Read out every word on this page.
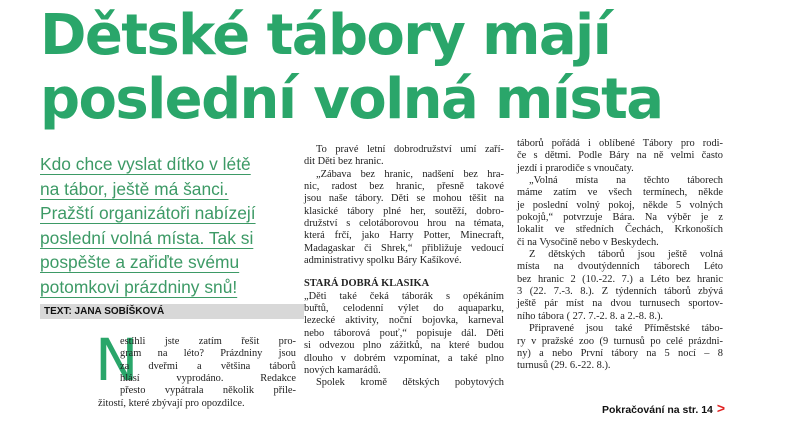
Dětské tábory mají
poslední volná místa
Kdo chce vyslat dítko v létě
na tábor, ještě má šanci.
Pražští organizátoři nabízejí
poslední volná místa. Tak si
pospěšte a zařiďte svému
potomkovi prázdniny snů!
TEXT: JANA SOBÍŠKOVÁ
N
estihli jste zatím řešit pro-
gram na léto? Prázdniny jsou
za dveřmi a většina táborů
hlásí vyprodáno. Redakce
přesto vypátrala několik přile-
žitostí, které zbývají pro opozdilce.
To pravé letní dobrodružství umí zaří-
dit Děti bez hranic.
„Zábava bez hranic, nadšení bez hra-
nic, radost bez hranic, přesně takové
jsou naše tábory. Děti se mohou těšit na
klasické tábory plné her, soutěží, dobro-
družství s celotáborovou hrou na témata,
která frčí, jako Harry Potter, Minecraft,
Madagaskar či Shrek,“ přibližuje vedoucí
administrativy spolku Báry Kašíkové.
STARÁ DOBRÁ KLASIKA
„Děti také čeká táborák s opékáním
buřtů, celodenní výlet do aquaparku,
lezecké aktivity, noční bojovka, karneval
nebo táborová pouť,“ popisuje dál. Děti
si odvezou plno zážitků, na které budou
dlouho v dobrém vzpomínat, a také plno
nových kamarádů.
Spolek kromě dětských pobytových
táborů pořádá i oblíbené Tábory pro rodi-
če s dětmi. Podle Báry na ně velmi často
jezdí i prarodiče s vnoučaty.
„Volná místa na těchto táborech
máme zatím ve všech termínech, někde
je poslední volný pokoj, někde 5 volných
pokojů,“ potvrzuje Bára. Na výběr je z
lokalit ve středních Čechách, Krkonoších
či na Vysočině nebo v Beskydech.
Z dětských táborů jsou ještě volná
místa na dvoutýdenních táborech Léto
bez hranic 2 (10.-22. 7.) a Léto bez hranic
3 (22. 7.-3. 8.). Z týdenních táborů zbývá
ještě pár míst na dvou turnusech sportov-
ního tábora ( 27. 7.-2. 8. a 2.-8. 8.).
Připravené jsou také Příměstské tábo-
ry v pražské zoo (9 turnusů po celé prázdni-
ny) a nebo První tábory na 5 nocí – 8
turnusů (29. 6.-22. 8.).
Pokračování na str. 14 >
